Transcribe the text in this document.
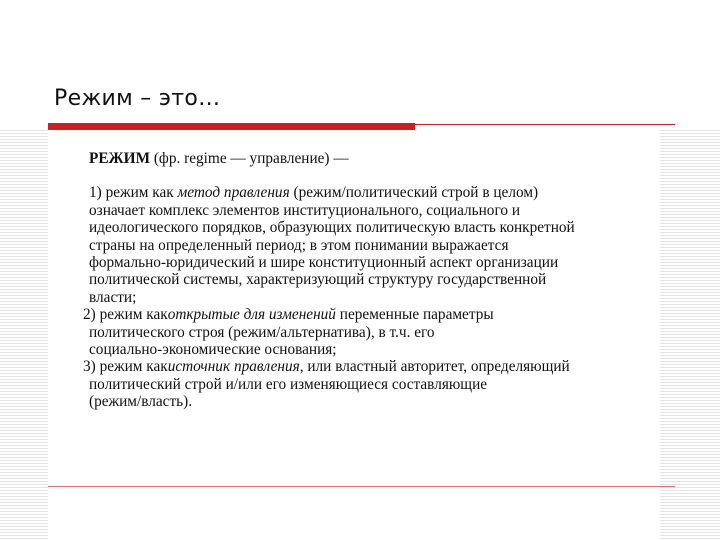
Режим – это…

РЕЖИМ (фр. regime — управление) —

1) режим как метод правления (режим/политический строй в целом)
означает комплекс элементов институционального, социального и
идеологического порядков, образующих политическую власть конкретной
страны на определенный период; в этом понимании выражается
формально-юридический и шире конституционный аспект организации
политической системы, характеризующий структуру государственной
власти;

2) режим какоткрытые для изменений переменные параметры
политического строя (режим/альтернатива), в т.ч. его
социально-экономические основания;

3) режим какисточник правления, или властный авторитет, определяющий
политический строй и/или его изменяющиеся составляющие
(режим/власть).
